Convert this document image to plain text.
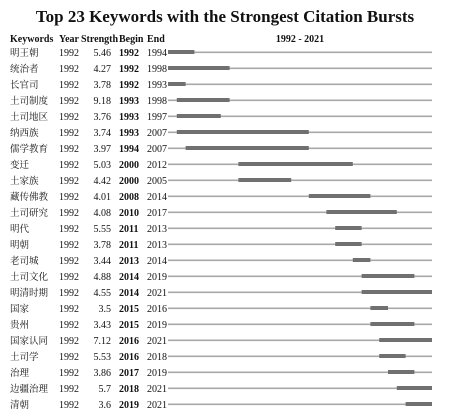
Top 23 Keywords with the Strongest Citation Bursts
Keywords Year Strength Begin End	1992 - 2021
明王朝 1992 5.46 1992 1994
统治者 1992 4.27 1992 1998
长官司 1992 3.78 1992 1993
土司制度 1992 9.18 1993 1998
土司地区 1992 3.76 1993 1997
纳西族 1992 3.74 1993 2007
儒学教育 1992 3.97 1994 2007
变迁	1992 5.03 2000 2012
土家族 1992 4.42 2000 2005
藏传佛教 1992 4.01 2008 2014
土司研究 1992 4.08 2010 2017
明代	1992 5.55 2011 2013
明朝	1992 3.78 2011 2013
老司城 1992 3.44 2013 2014
土司文化 1992 4.88 2014 2019
明清时期 1992 4.55 2014 2021
国家	1992 3.5 2015 2016
贵州	1992 3.43 2015 2019
国家认同 1992 7.12 2016 2021
土司学 1992 5.53 2016 2018
治理	1992 3.86 2017 2019
边疆治理 1992 5.7 2018 2021
清朝	1992 3.6 2019 2021
